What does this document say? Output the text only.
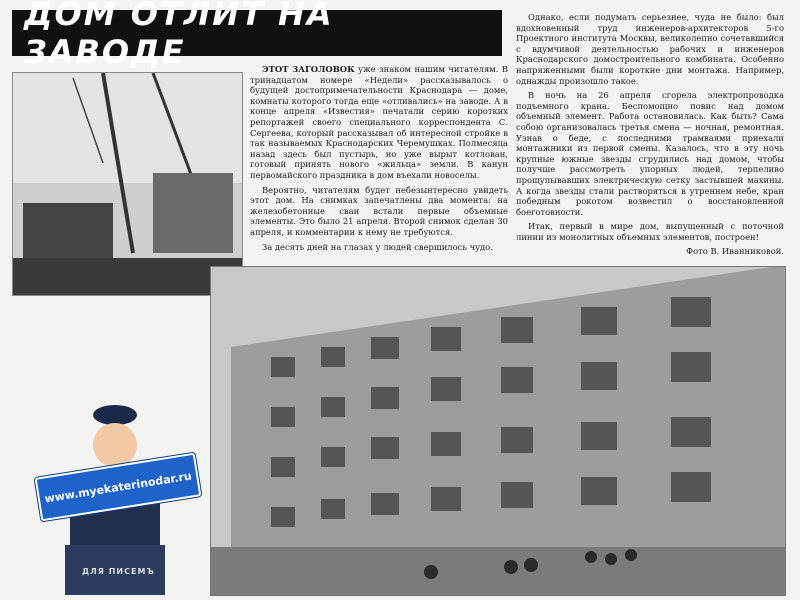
ДОМ ОТЛИТ НА ЗАВОДЕ	ЭТОТ ЗАГОЛОВОК уже знаком нашим читателям. В тринадцатом номере «Недели» рассказывалось о будущей достопримечательности Краснодара — доме, комнаты которого тогда еще «отливались» на заводе. А в конце апреля «Известия» печатали серию коротких репортажей своего специального корреспондента С. Сергеева, который рассказывал об интересной стройке в так называемых Краснодарских Черемушках. Полмесяца назад здесь был пустырь, но уже вырыт котлован, готовый принять нового «жильца» земли. В канун первомайского праздника в дом въехали новоселы.

Вероятно, читателям будет небезынтересно увидеть этот дом. На снимках запечатлены два момента: на железобетонные сваи встали первые объемные элементы. Это было 21 апреля. Второй снимок сделан 30 апреля, и комментарии к нему не требуются.

За десять дней на глазах у людей свершилось чудо.

Однако, если подумать серьезнее, чуда не было: был вдохновенный труд инженеров-архитекторов 5-го Проектного института Москвы, великолепно сочетавшийся с вдумчивой деятельностью рабочих и инженеров Краснодарского домостроительного комбината. Особенно напряженными были короткие дни монтажа. Например, однажды произошло такое.

В ночь на 26 апреля сгорела электропроводка подъемного крана. Беспомощно повис над домом объемный элемент. Работа остановилась. Как быть? Сама собою организовалась третья смена — ночная, ремонтная. Узнав о беде, с последними трамваями приехали монтажники из первой смены. Казалось, что в эту ночь крупные южные звезды сгрудились над домом, чтобы получше рассмотреть упорных людей, терпеливо прощупывавших электрическую сетку застывшей махины. А когда звезды стали растворяться в утреннем небе, кран победным рокотом возвестил о восстановленной боеготовности.

Итак, первый в мире дом, выпущенный с поточной линии из монолитных объемных элементов, построен!

Фото В. Иванниковой.
www.myekaterinodar.ru
ДЛЯ ПИСЕМЪ
